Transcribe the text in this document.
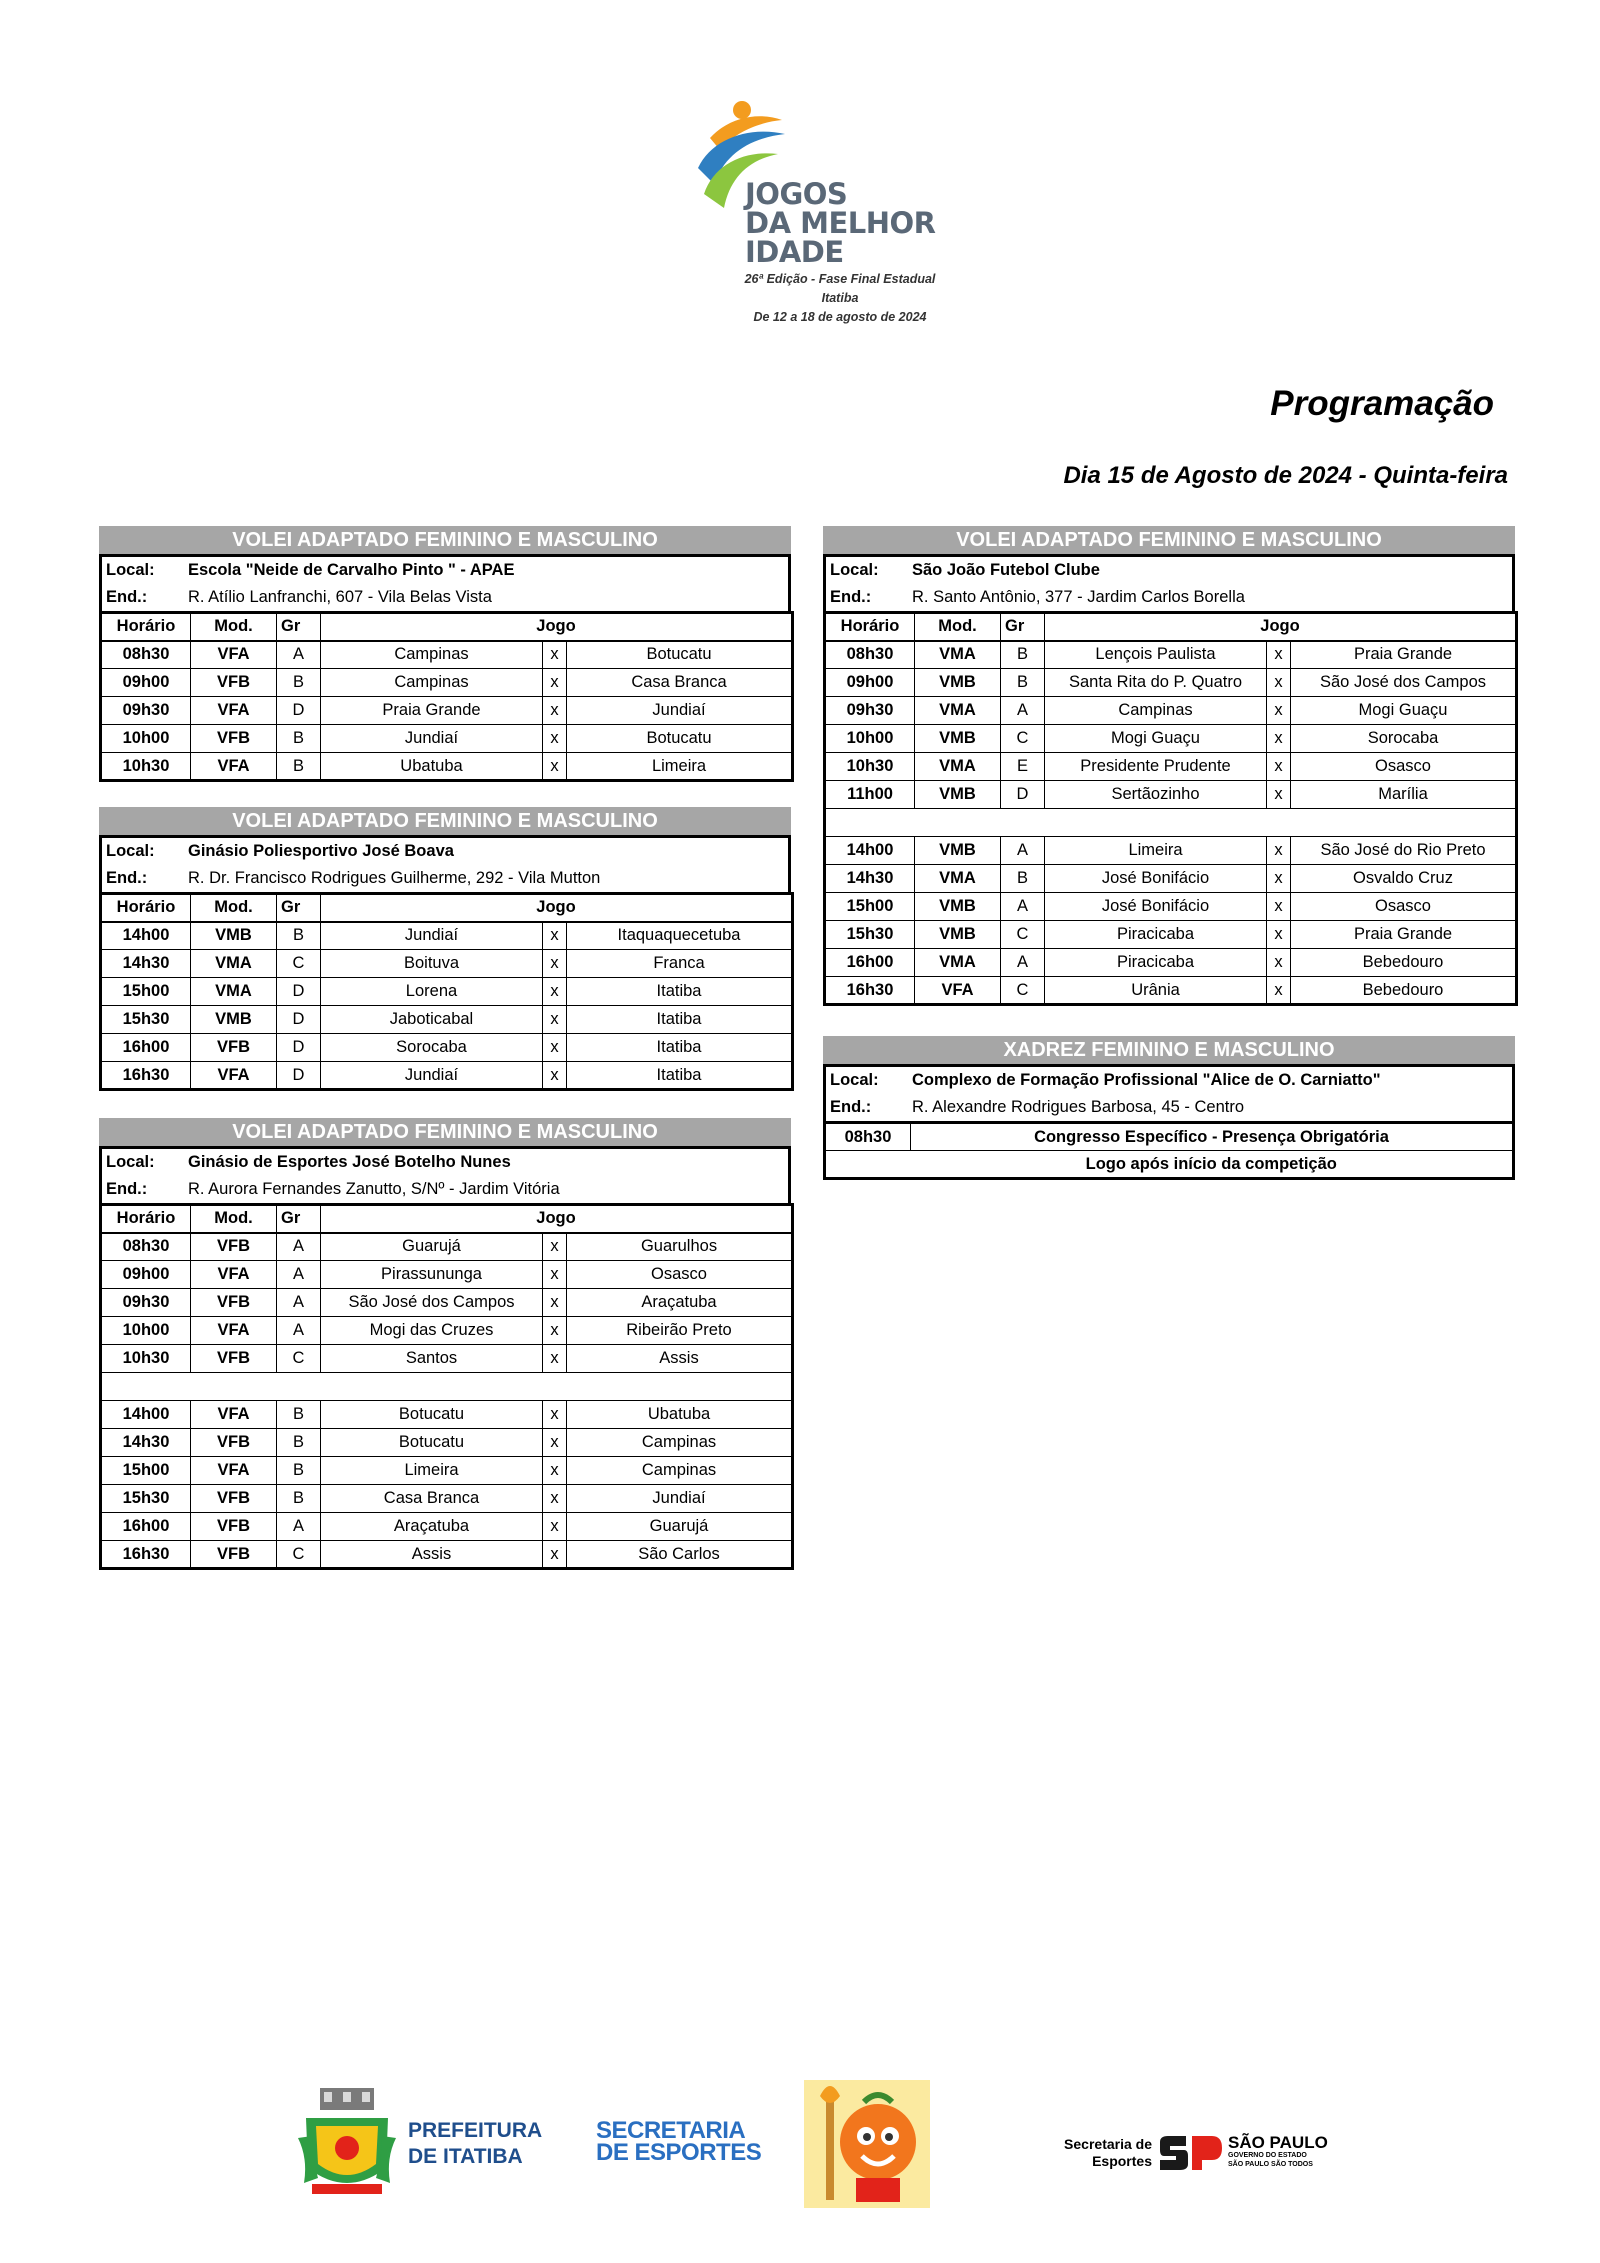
JOGOS
DA MELHOR
IDADE
26ª Edição - Fase Final Estadual
Itatiba
De 12 a 18 de agosto de 2024
Programação
Dia 15 de Agosto de 2024 - Quinta-feira
VOLEI ADAPTADO FEMININO E MASCULINO
Local:	Escola "Neide de Carvalho Pinto " - APAE
End.:	R. Atílio Lanfranchi, 607 - Vila Belas Vista
Horário	Mod.	Gr	Jogo		
08h30	VFA	A	Campinas	x	Botucatu
09h00	VFB	B	Campinas	x	Casa Branca
09h30	VFA	D	Praia Grande	x	Jundiaí
10h00	VFB	B	Jundiaí	x	Botucatu
10h30	VFA	B	Ubatuba	x	Limeira
VOLEI ADAPTADO FEMININO E MASCULINO
Local:	Ginásio Poliesportivo José Boava
End.:	R. Dr. Francisco Rodrigues Guilherme, 292 - Vila Mutton
Horário	Mod.	Gr	Jogo		
14h00	VMB	B	Jundiaí	x	Itaquaquecetuba
14h30	VMA	C	Boituva	x	Franca
15h00	VMA	D	Lorena	x	Itatiba
15h30	VMB	D	Jaboticabal	x	Itatiba
16h00	VFB	D	Sorocaba	x	Itatiba
16h30	VFA	D	Jundiaí	x	Itatiba
VOLEI ADAPTADO FEMININO E MASCULINO
Local:	Ginásio de Esportes José Botelho Nunes
End.:	R. Aurora Fernandes Zanutto, S/Nº - Jardim Vitória
Horário	Mod.	Gr	Jogo		
08h30	VFB	A	Guarujá	x	Guarulhos
09h00	VFA	A	Pirassununga	x	Osasco
09h30	VFB	A	São José dos Campos	x	Araçatuba
10h00	VFA	A	Mogi das Cruzes	x	Ribeirão Preto
10h30	VFB	C	Santos	x	Assis

14h00	VFA	B	Botucatu	x	Ubatuba
14h30	VFB	B	Botucatu	x	Campinas
15h00	VFA	B	Limeira	x	Campinas
15h30	VFB	B	Casa Branca	x	Jundiaí
16h00	VFB	A	Araçatuba	x	Guarujá
16h30	VFB	C	Assis	x	São Carlos
VOLEI ADAPTADO FEMININO E MASCULINO
Local:	São João Futebol Clube
End.:	R. Santo Antônio, 377 - Jardim Carlos Borella
Horário	Mod.	Gr	Jogo		
08h30	VMA	B	Lençois Paulista	x	Praia Grande
09h00	VMB	B	Santa Rita do P. Quatro	x	São José dos Campos
09h30	VMA	A	Campinas	x	Mogi Guaçu
10h00	VMB	C	Mogi Guaçu	x	Sorocaba
10h30	VMA	E	Presidente Prudente	x	Osasco
11h00	VMB	D	Sertãozinho	x	Marília

14h00	VMB	A	Limeira	x	São José do Rio Preto
14h30	VMA	B	José Bonifácio	x	Osvaldo Cruz
15h00	VMB	A	José Bonifácio	x	Osasco
15h30	VMB	C	Piracicaba	x	Praia Grande
16h00	VMA	A	Piracicaba	x	Bebedouro
16h30	VFA	C	Urânia	x	Bebedouro
XADREZ FEMININO E MASCULINO
Local:	Complexo de Formação Profissional "Alice de O. Carniatto"
End.:	R. Alexandre Rodrigues Barbosa, 45 - Centro
08h30	Congresso Específico - Presença Obrigatória
	Logo após início da competição
PREFEITURA
DE ITATIBA
SECRETARIA
DE ESPORTES	Secretaria de
Esportes
SÃO PAULO
GOVERNO DO ESTADO
SÃO PAULO SÃO TODOS
